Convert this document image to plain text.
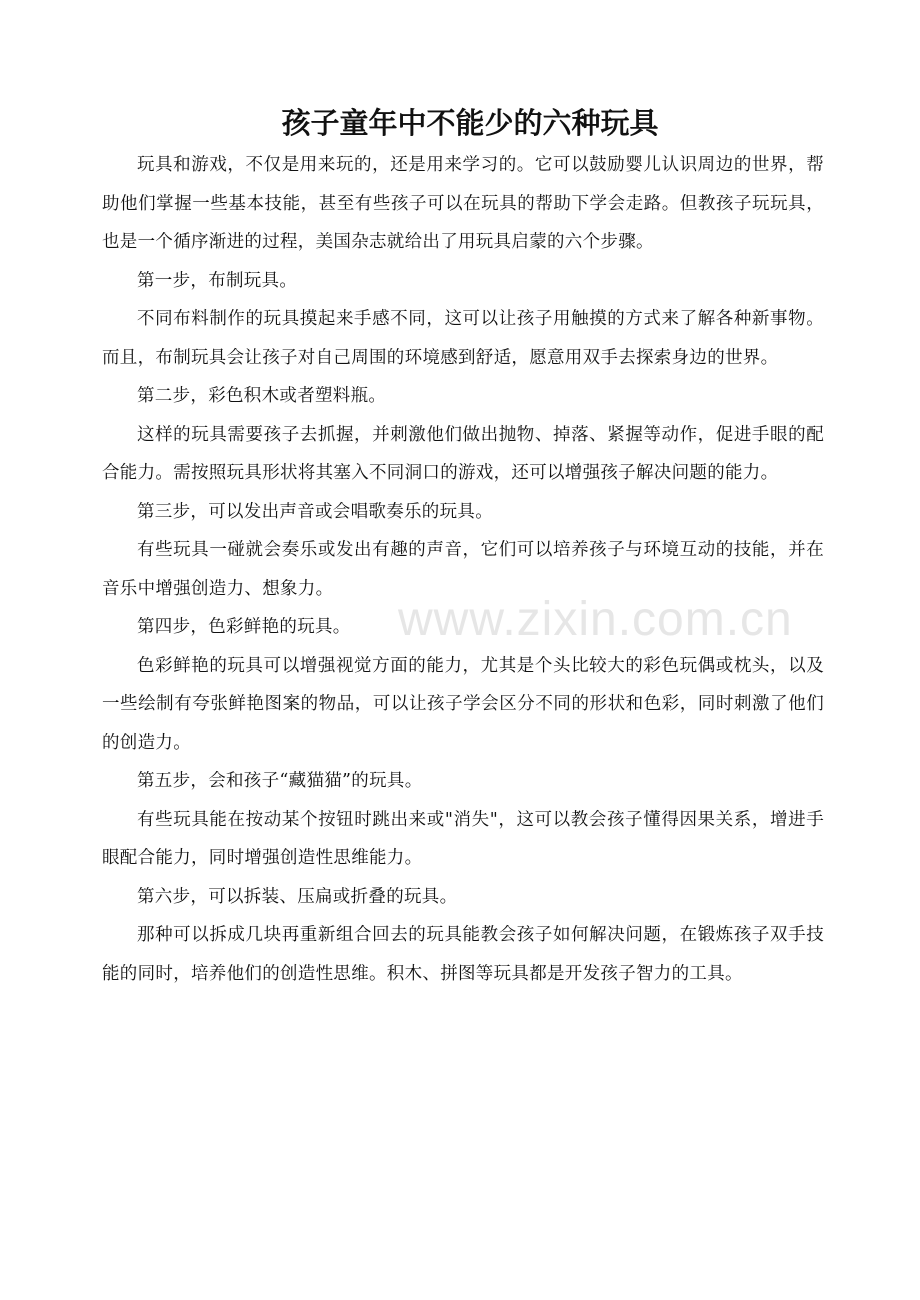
www.zixin.com.cn
孩子童年中不能少的六种玩具

玩具和游戏，不仅是用来玩的，还是用来学习的。它可以鼓励婴儿认识周边的世界，帮助他们掌握一些基本技能，甚至有些孩子可以在玩具的帮助下学会走路。但教孩子玩玩具，也是一个循序渐进的过程，美国杂志就给出了用玩具启蒙的六个步骤。

第一步，布制玩具。

不同布料制作的玩具摸起来手感不同，这可以让孩子用触摸的方式来了解各种新事物。而且，布制玩具会让孩子对自己周围的环境感到舒适，愿意用双手去探索身边的世界。

第二步，彩色积木或者塑料瓶。

这样的玩具需要孩子去抓握，并刺激他们做出抛物、掉落、紧握等动作，促进手眼的配合能力。需按照玩具形状将其塞入不同洞口的游戏，还可以增强孩子解决问题的能力。

第三步，可以发出声音或会唱歌奏乐的玩具。

有些玩具一碰就会奏乐或发出有趣的声音，它们可以培养孩子与环境互动的技能，并在音乐中增强创造力、想象力。

第四步，色彩鲜艳的玩具。

色彩鲜艳的玩具可以增强视觉方面的能力，尤其是个头比较大的彩色玩偶或枕头，以及一些绘制有夸张鲜艳图案的物品，可以让孩子学会区分不同的形状和色彩，同时刺激了他们的创造力。

第五步，会和孩子“藏猫猫”的玩具。

有些玩具能在按动某个按钮时跳出来或"消失"，这可以教会孩子懂得因果关系，增进手眼配合能力，同时增强创造性思维能力。

第六步，可以拆装、压扁或折叠的玩具。

那种可以拆成几块再重新组合回去的玩具能教会孩子如何解决问题，在锻炼孩子双手技能的同时，培养他们的创造性思维。积木、拼图等玩具都是开发孩子智力的工具。
